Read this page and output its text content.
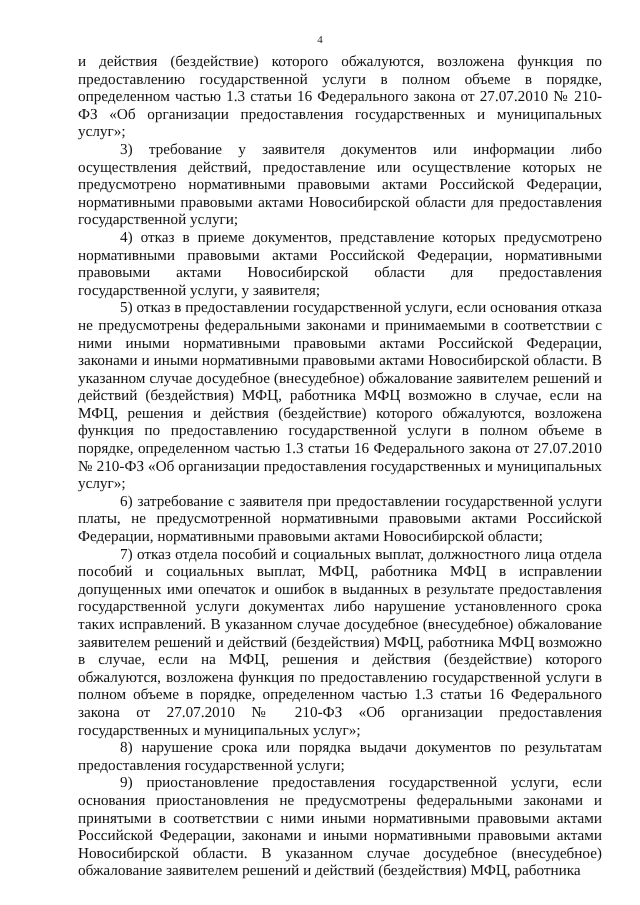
4

и действия (бездействие) которого обжалуются, возложена функция по предоставлению государственной услуги в полном объеме в порядке, определенном частью 1.3 статьи 16 Федерального закона от 27.07.2010 № 210-ФЗ «Об организации предоставления государственных и муниципальных услуг»;

3) требование у заявителя документов или информации либо осуществления действий, предоставление или осуществление которых не предусмотрено нормативными правовыми актами Российской Федерации, нормативными правовыми актами Новосибирской области для предоставления государственной услуги;

4) отказ в приеме документов, представление которых предусмотрено нормативными правовыми актами Российской Федерации, нормативными правовыми актами Новосибирской области для предоставления государственной услуги, у заявителя;

5) отказ в предоставлении государственной услуги, если основания отказа не предусмотрены федеральными законами и принимаемыми в соответствии с ними иными нормативными правовыми актами Российской Федерации, законами и иными нормативными правовыми актами Новосибирской области. В указанном случае досудебное (внесудебное) обжалование заявителем решений и действий (бездействия) МФЦ, работника МФЦ возможно в случае, если на МФЦ, решения и действия (бездействие) которого обжалуются, возложена функция по предоставлению государственной услуги в полном объеме в порядке, определенном частью 1.3 статьи 16 Федерального закона от 27.07.2010 № 210-ФЗ «Об организации предоставления государственных и муниципальных услуг»;

6) затребование с заявителя при предоставлении государственной услуги платы, не предусмотренной нормативными правовыми актами Российской Федерации, нормативными правовыми актами Новосибирской области;

7) отказ отдела пособий и социальных выплат, должностного лица отдела пособий и социальных выплат, МФЦ, работника МФЦ в исправлении допущенных ими опечаток и ошибок в выданных в результате предоставления государственной услуги документах либо нарушение установленного срока таких исправлений. В указанном случае досудебное (внесудебное) обжалование заявителем решений и действий (бездействия) МФЦ, работника МФЦ возможно в случае, если на МФЦ, решения и действия (бездействие) которого обжалуются, возложена функция по предоставлению государственной услуги в полном объеме в порядке, определенном частью 1.3 статьи 16 Федерального закона от 27.07.2010 № 210-ФЗ «Об организации предоставления государственных и муниципальных услуг»;

8) нарушение срока или порядка выдачи документов по результатам предоставления государственной услуги;

9) приостановление предоставления государственной услуги, если основания приостановления не предусмотрены федеральными законами и принятыми в соответствии с ними иными нормативными правовыми актами Российской Федерации, законами и иными нормативными правовыми актами Новосибирской области. В указанном случае досудебное (внесудебное) обжалование заявителем решений и действий (бездействия) МФЦ, работника
